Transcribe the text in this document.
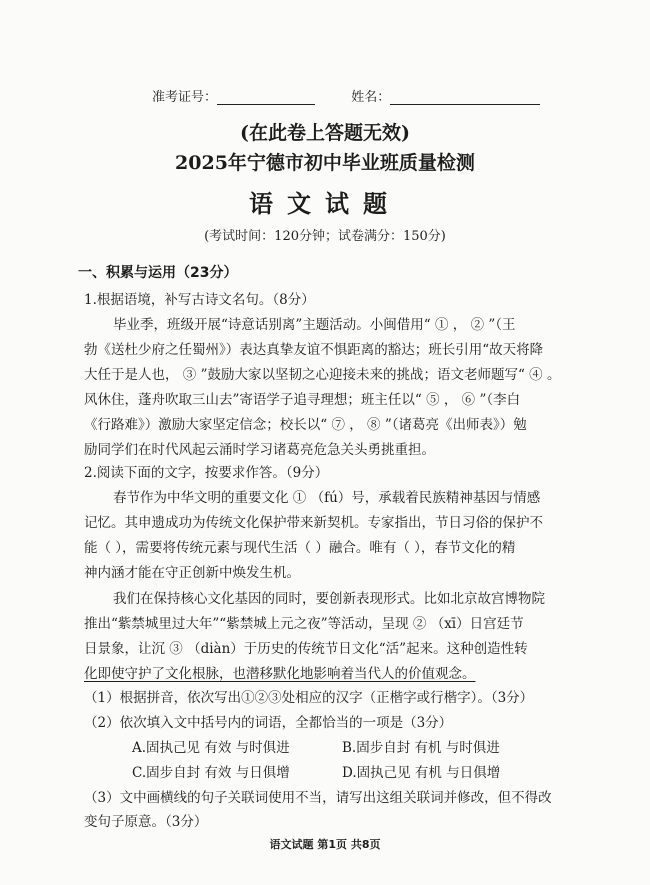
准考证号：	姓名：
(在此卷上答题无效)
2025年宁德市初中毕业班质量检测
语文试题
(考试时间：120分钟；试卷满分：150分)
一、积累与运用（23分）
1.根据语境，补写古诗文名句。（8分）
毕业季，班级开展“诗意话别离”主题活动。小闽借用“ ① ， ② ”（王
勃《送杜少府之任蜀州》）表达真挚友谊不惧距离的豁达；班长引用“故天将降
大任于是人也， ③ ”鼓励大家以坚韧之心迎接未来的挑战；语文老师题写“ ④ 。
风休住，蓬舟吹取三山去”寄语学子追寻理想；班主任以“ ⑤ ， ⑥ ”（李白
《行路难》）激励大家坚定信念；校长以“ ⑦ ， ⑧ ”（诸葛亮《出师表》）勉
励同学们在时代风起云涌时学习诸葛亮危急关头勇挑重担。
2.阅读下面的文字，按要求作答。（9分）
春节作为中华文明的重要文化 ① （fú）号，承载着民族精神基因与情感
记忆。其申遗成功为传统文化保护带来新契机。专家指出，节日习俗的保护不
能（ ），需要将传统元素与现代生活（ ）融合。唯有（ ），春节文化的精
神内涵才能在守正创新中焕发生机。
我们在保持核心文化基因的同时，要创新表现形式。比如北京故宫博物院
推出“紫禁城里过大年”“紫禁城上元之夜”等活动，呈现 ② （xī）日宫廷节
日景象，让沉 ③ （diàn）于历史的传统节日文化“活”起来。这种创造性转
化即使守护了文化根脉，也潜移默化地影响着当代人的价值观念。
（1）根据拼音，依次写出①②③处相应的汉字（正楷字或行楷字）。（3分）
（2）依次填入文中括号内的词语，全都恰当的一项是（3分）
A.固执己见 有效 与时俱进	B.固步自封 有机 与时俱进
C.固步自封 有效 与日俱增	D.固执己见 有机 与日俱增
（3）文中画横线的句子关联词使用不当，请写出这组关联词并修改，但不得改
变句子原意。（3分）
语文试题 第1页 共8页
